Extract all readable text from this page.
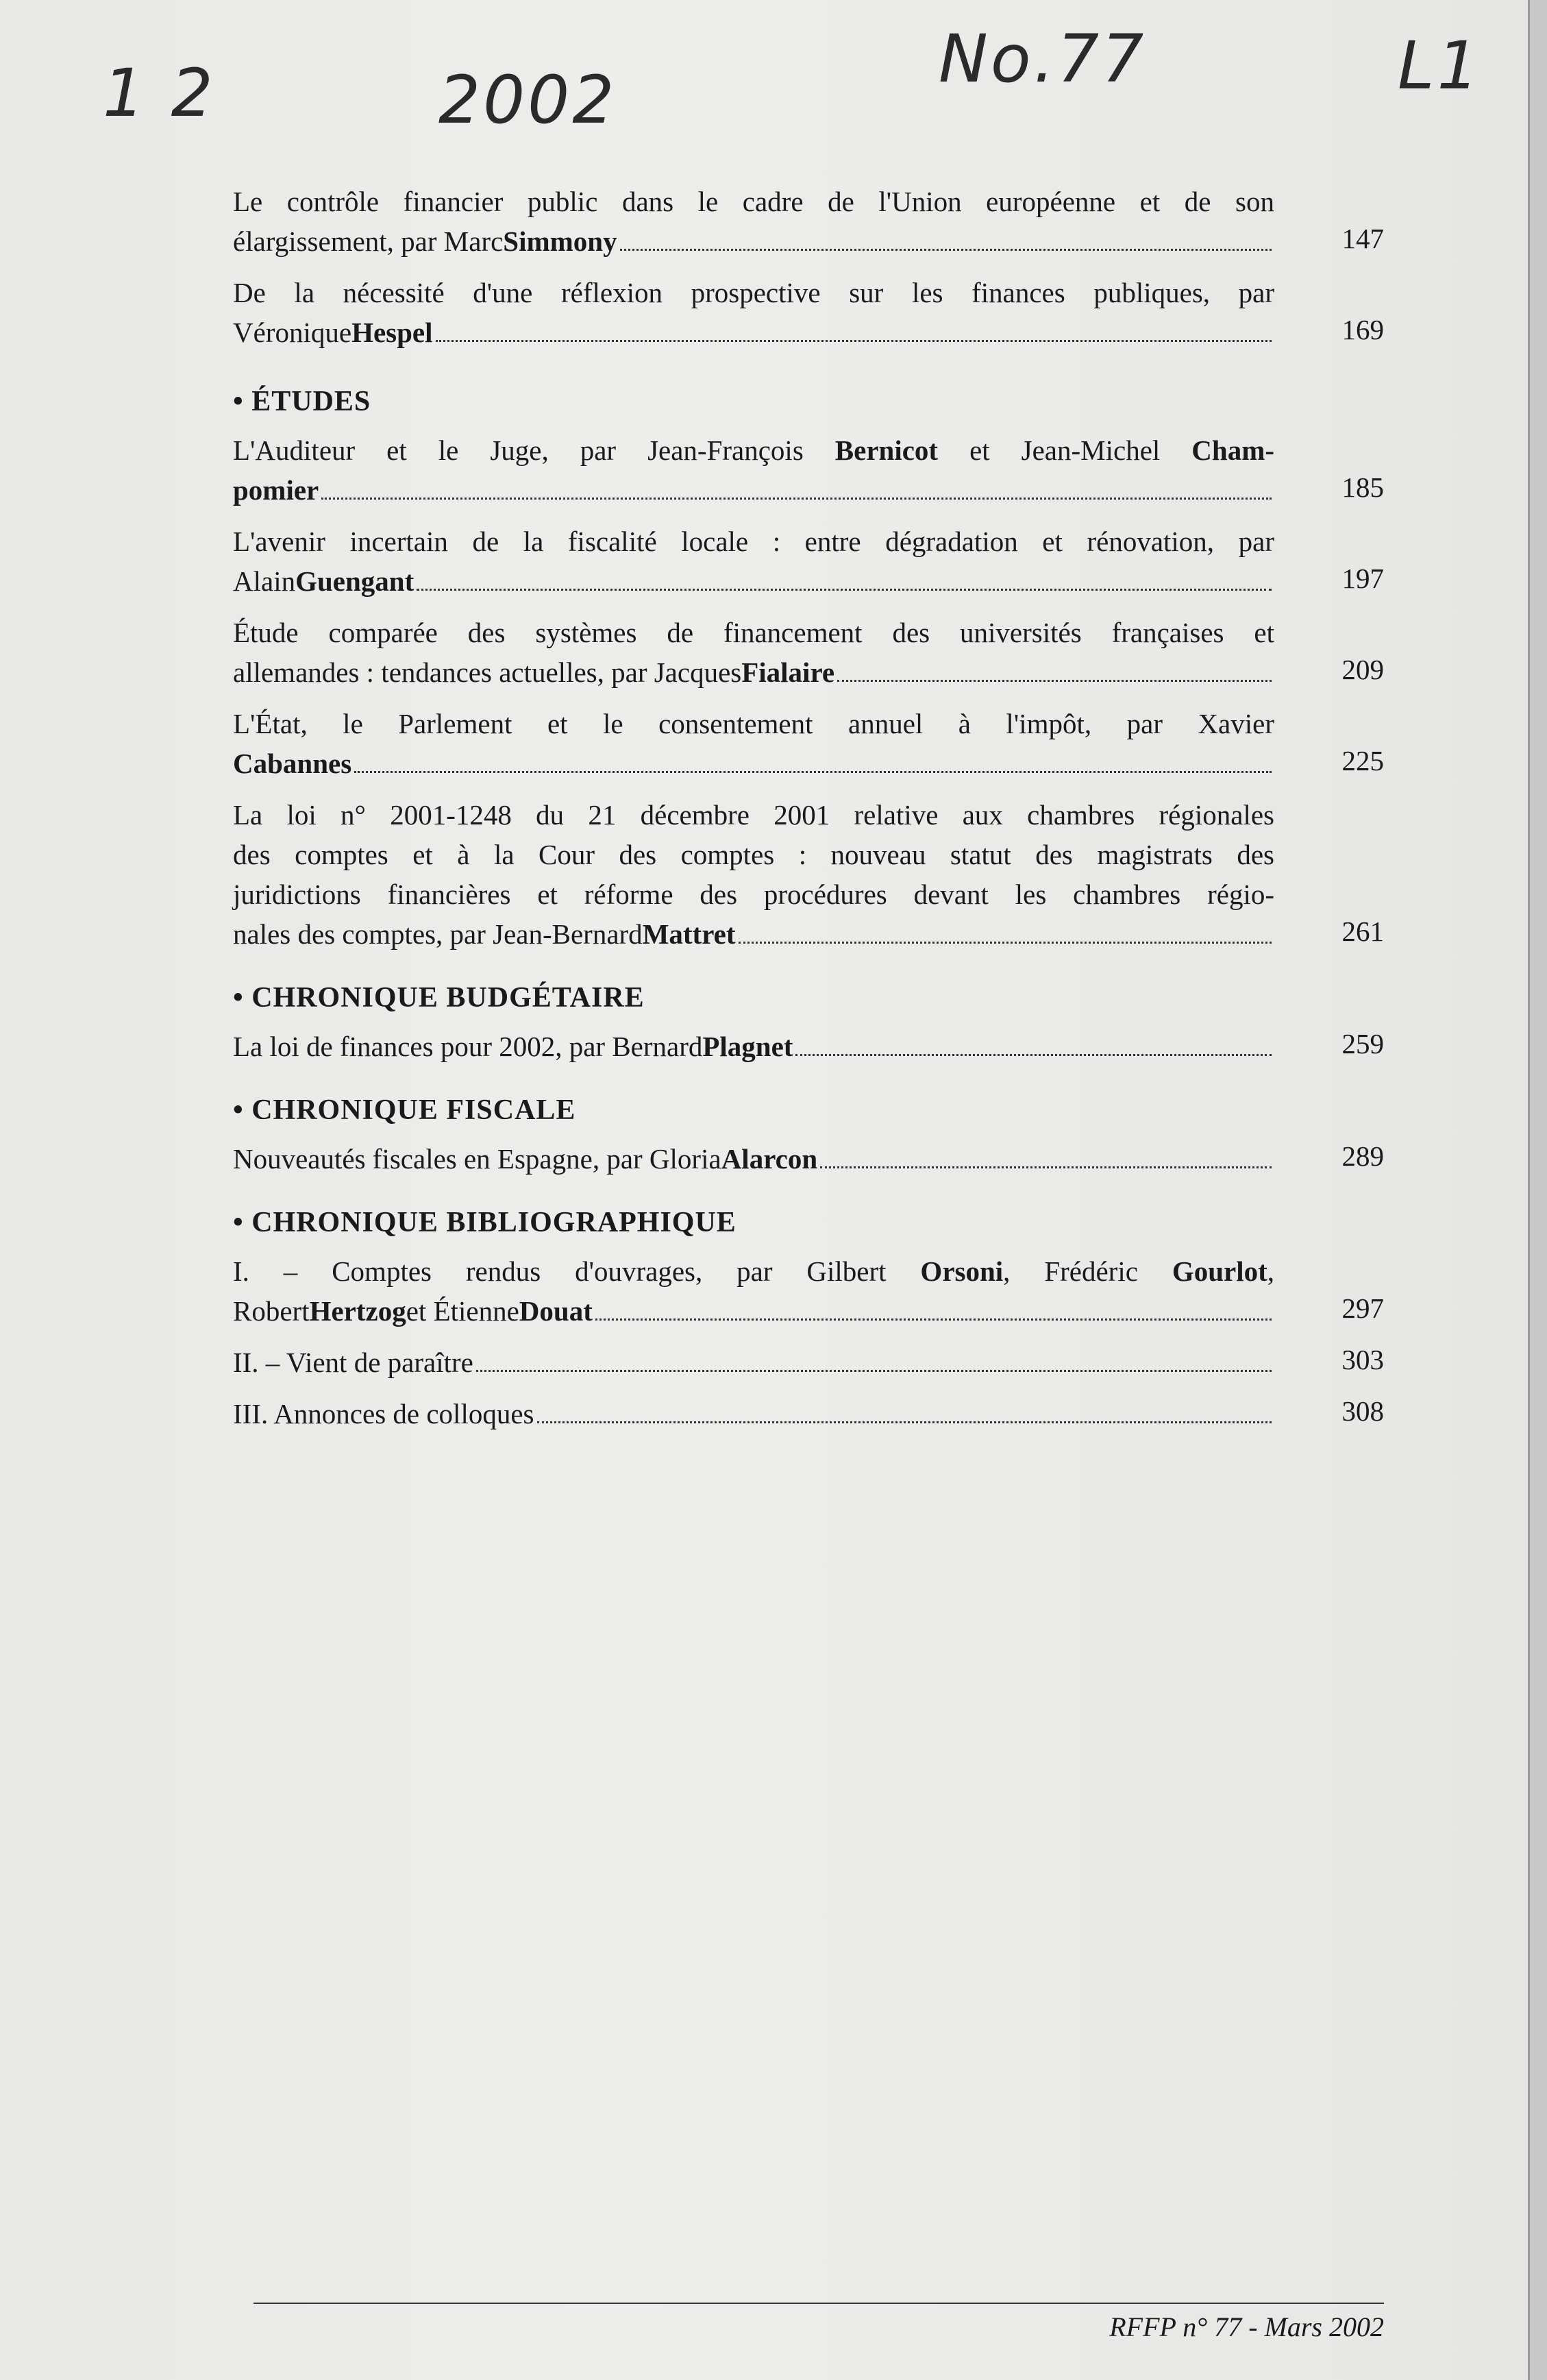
1 2	2002
No.77	L1
Le contrôle financier public dans le cadre de l'Union européenne et de son
élargissement, par Marc Simmony	147
De la nécessité d'une réflexion prospective sur les finances publiques, par
Véronique Hespel	169
• ÉTUDES
L'Auditeur et le Juge, par Jean-François Bernicot et Jean-Michel Cham-
pomier	185
L'avenir incertain de la fiscalité locale : entre dégradation et rénovation, par
Alain Guengant	197
Étude comparée des systèmes de financement des universités françaises et
allemandes : tendances actuelles, par Jacques Fialaire	209
L'État, le Parlement et le consentement annuel à l'impôt, par Xavier
Cabannes	225
La loi n° 2001-1248 du 21 décembre 2001 relative aux chambres régionales
des comptes et à la Cour des comptes : nouveau statut des magistrats des
juridictions financières et réforme des procédures devant les chambres régio-
nales des comptes, par Jean-Bernard Mattret	261
• CHRONIQUE BUDGÉTAIRE
La loi de finances pour 2002, par Bernard Plagnet	259
• CHRONIQUE FISCALE
Nouveautés fiscales en Espagne, par Gloria Alarcon	289
• CHRONIQUE BIBLIOGRAPHIQUE
I. – Comptes rendus d'ouvrages, par Gilbert Orsoni, Frédéric Gourlot,
Robert Hertzog et Étienne Douat	297
II. – Vient de paraître	303
III. Annonces de colloques	308
RFFP n° 77 - Mars 2002
